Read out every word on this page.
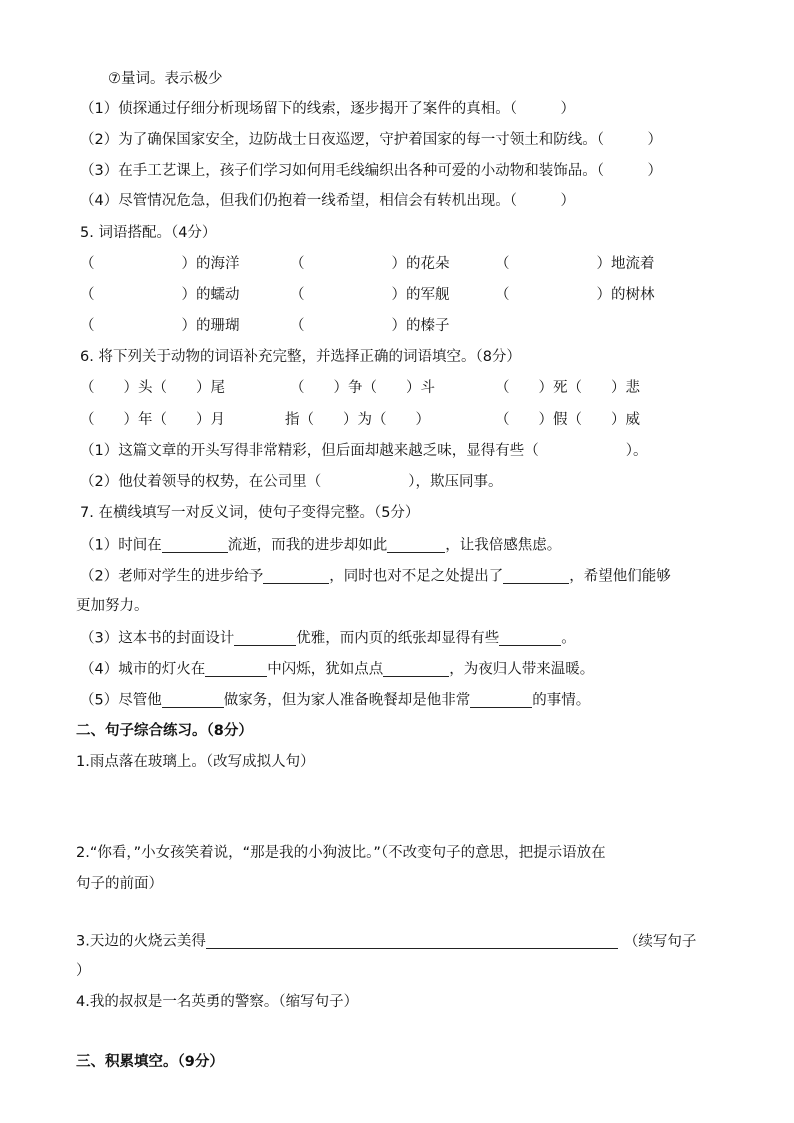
⑦量词。表示极少
（1）侦探通过仔细分析现场留下的线索，逐步揭开了案件的真相。（　　　）
（2）为了确保国家安全，边防战士日夜巡逻，守护着国家的每一寸领土和防线。（　　　）
（3）在手工艺课上，孩子们学习如何用毛线编织出各种可爱的小动物和装饰品。（　　　）
（4）尽管情况危急，但我们仍抱着一线希望，相信会有转机出现。（　　　）
5. 词语搭配。（4分）
（　　　　　　）的海洋	（　　　　　　）的花朵	（　　　　　　）地流着
（　　　　　　）的蠕动	（　　　　　　）的军舰	（　　　　　　）的树林
（　　　　　　）的珊瑚	（　　　　　　）的榛子
6. 将下列关于动物的词语补充完整，并选择正确的词语填空。（8分）
（　　）头（　　）尾	（　　）争（　　）斗	（　　）死（　　）悲
（　　）年（　　）月	指（　　）为（　　）	（　　）假（　　）威
（1）这篇文章的开头写得非常精彩，但后面却越来越乏味，显得有些（　　　　　　）。
（2）他仗着领导的权势，在公司里（　　　　　　），欺压同事。
7. 在横线填写一对反义词，使句子变得完整。（5分）
（1）时间在	流逝，而我的进步却如此	，让我倍感焦虑。
（2）老师对学生的进步给予	，同时也对不足之处提出了	，希望他们能够
更加努力。
（3）这本书的封面设计	优雅，而内页的纸张却显得有些	。
（4）城市的灯火在	中闪烁，犹如点点	，为夜归人带来温暖。
（5）尽管他	做家务，但为家人准备晚餐却是他非常	的事情。
二、句子综合练习。（8分）
1.雨点落在玻璃上。（改写成拟人句）
2.“你看，”小女孩笑着说，“那是我的小狗波比。”（不改变句子的意思，把提示语放在
句子的前面）
3.天边的火烧云美得	（续写句子
）
4.我的叔叔是一名英勇的警察。（缩写句子）
三、积累填空。（9分）
